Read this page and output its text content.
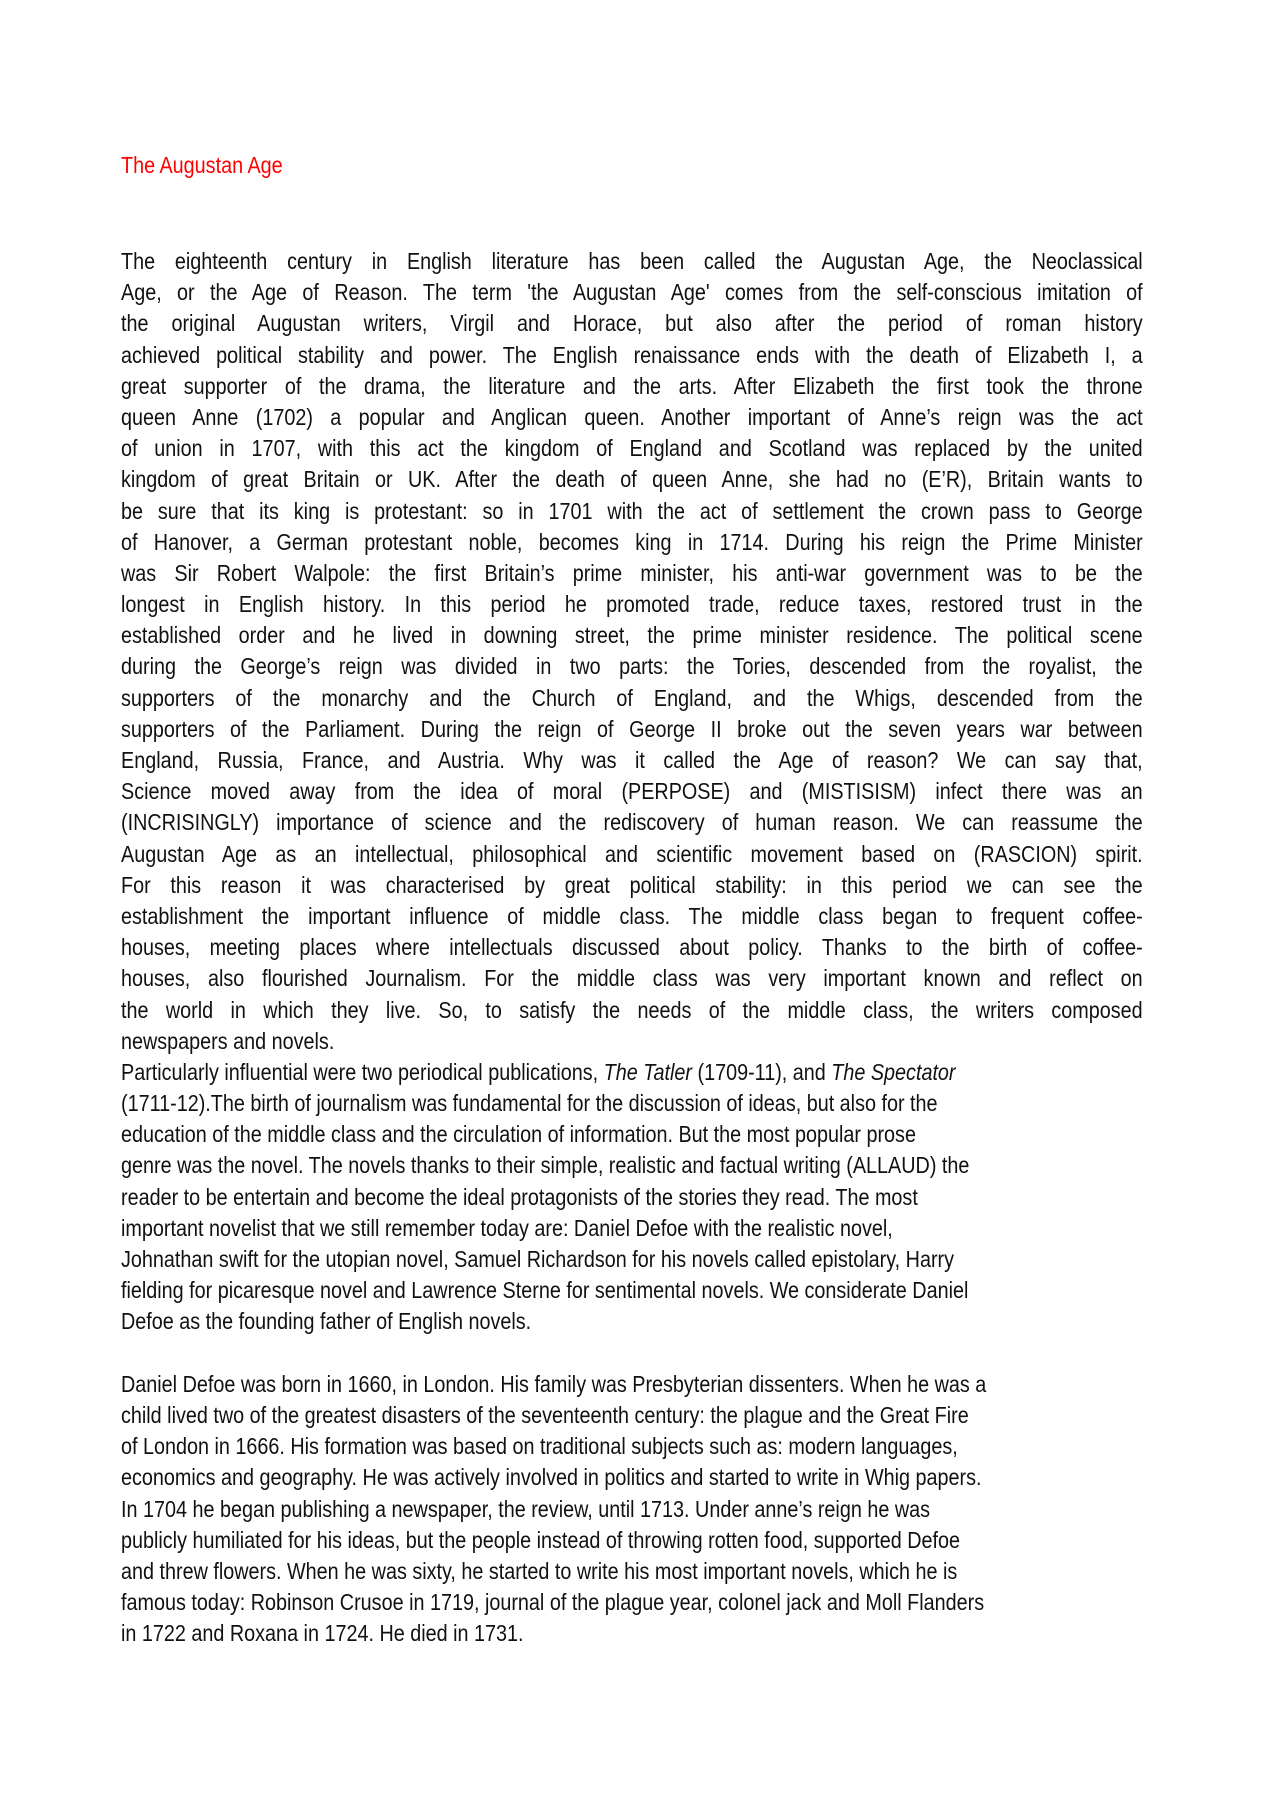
The Augustan Age
The eighteenth century in English literature has been called the Augustan Age, the Neoclassical
Age, or the Age of Reason. The term 'the Augustan Age' comes from the self-conscious imitation of
the original Augustan writers, Virgil and Horace, but also after the period of roman history
achieved political stability and power. The English renaissance ends with the death of Elizabeth I, a
great supporter of the drama, the literature and the arts. After Elizabeth the first took the throne
queen Anne (1702) a popular and Anglican queen. Another important of Anne’s reign was the act
of union in 1707, with this act the kingdom of England and Scotland was replaced by the united
kingdom of great Britain or UK. After the death of queen Anne, she had no (E’R), Britain wants to
be sure that its king is protestant: so in 1701 with the act of settlement the crown pass to George
of Hanover, a German protestant noble, becomes king in 1714. During his reign the Prime Minister
was Sir Robert Walpole: the first Britain’s prime minister, his anti-war government was to be the
longest in English history. In this period he promoted trade, reduce taxes, restored trust in the
established order and he lived in downing street, the prime minister residence. The political scene
during the George’s reign was divided in two parts: the Tories, descended from the royalist, the
supporters of the monarchy and the Church of England, and the Whigs, descended from the
supporters of the Parliament. During the reign of George II broke out the seven years war between
England, Russia, France, and Austria. Why was it called the Age of reason? We can say that,
Science moved away from the idea of moral (PERPOSE) and (MISTISISM) infect there was an
(INCRISINGLY) importance of science and the rediscovery of human reason. We can reassume the
Augustan Age as an intellectual, philosophical and scientific movement based on (RASCION) spirit.
For this reason it was characterised by great political stability: in this period we can see the
establishment the important influence of middle class. The middle class began to frequent coffee-
houses, meeting places where intellectuals discussed about policy. Thanks to the birth of coffee-
houses, also flourished Journalism. For the middle class was very important known and reflect on
the world in which they live. So, to satisfy the needs of the middle class, the writers composed
newspapers and novels.
Particularly influential were two periodical publications, The Tatler (1709-11), and The Spectator
(1711-12).The birth of journalism was fundamental for the discussion of ideas, but also for the
education of the middle class and the circulation of information. But the most popular prose
genre was the novel. The novels thanks to their simple, realistic and factual writing (ALLAUD) the
reader to be entertain and become the ideal protagonists of the stories they read. The most
important novelist that we still remember today are: Daniel Defoe with the realistic novel,
Johnathan swift for the utopian novel, Samuel Richardson for his novels called epistolary, Harry
fielding for picaresque novel and Lawrence Sterne for sentimental novels. We considerate Daniel
Defoe as the founding father of English novels.
Daniel Defoe was born in 1660, in London. His family was Presbyterian dissenters. When he was a
child lived two of the greatest disasters of the seventeenth century: the plague and the Great Fire
of London in 1666. His formation was based on traditional subjects such as: modern languages,
economics and geography. He was actively involved in politics and started to write in Whig papers.
In 1704 he began publishing a newspaper, the review, until 1713. Under anne’s reign he was
publicly humiliated for his ideas, but the people instead of throwing rotten food, supported Defoe
and threw flowers. When he was sixty, he started to write his most important novels, which he is
famous today: Robinson Crusoe in 1719, journal of the plague year, colonel jack and Moll Flanders
in 1722 and Roxana in 1724. He died in 1731.
